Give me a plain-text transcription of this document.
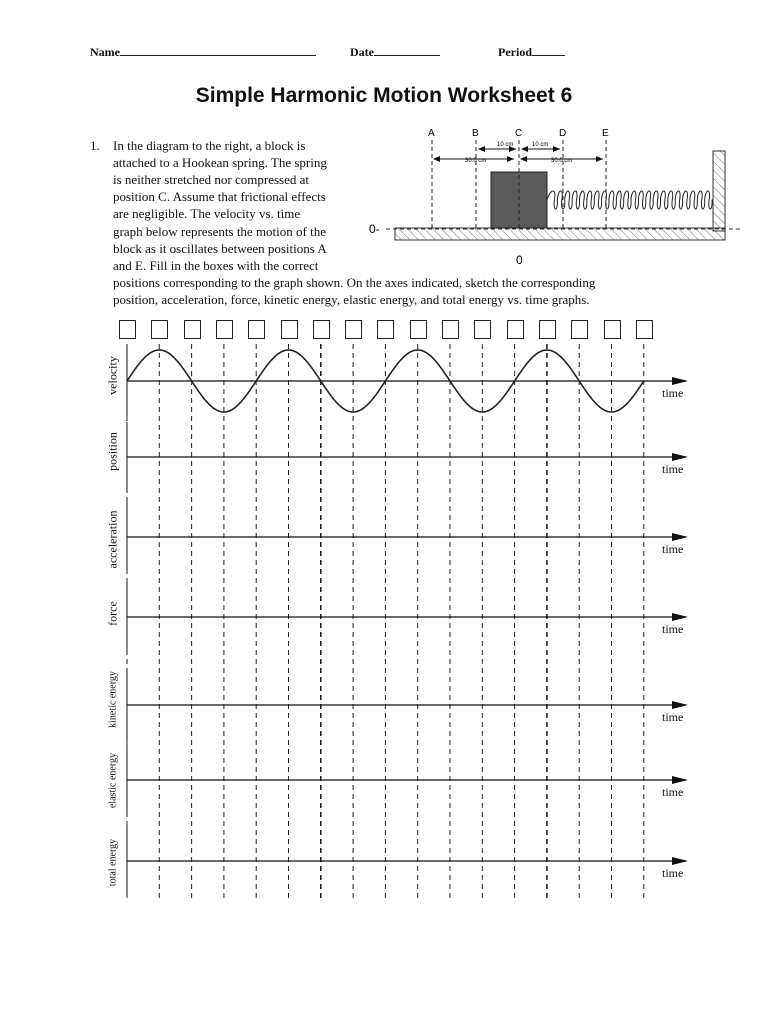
Name	Date	Period
Simple Harmonic Motion Worksheet 6
1. In the diagram to the right, a block is
attached to a Hookean spring. The spring
is neither stretched nor compressed at
position C. Assume that frictional effects
are negligible. The velocity vs. time
graph below represents the motion of the
block as it oscillates between positions A
and E. Fill in the boxes with the correct
positions corresponding to the graph shown. On the axes indicated, sketch the corresponding
position, acceleration, force, kinetic energy, elastic energy, and total energy vs. time graphs.
time
velocity
time
position
time
acceleration
time
force
time
kinetic energy
time
elastic energy
time
total energy
A	B	C	D	E
10 cm	10 cm
30.0 cm	30.0 cm
0-
0
